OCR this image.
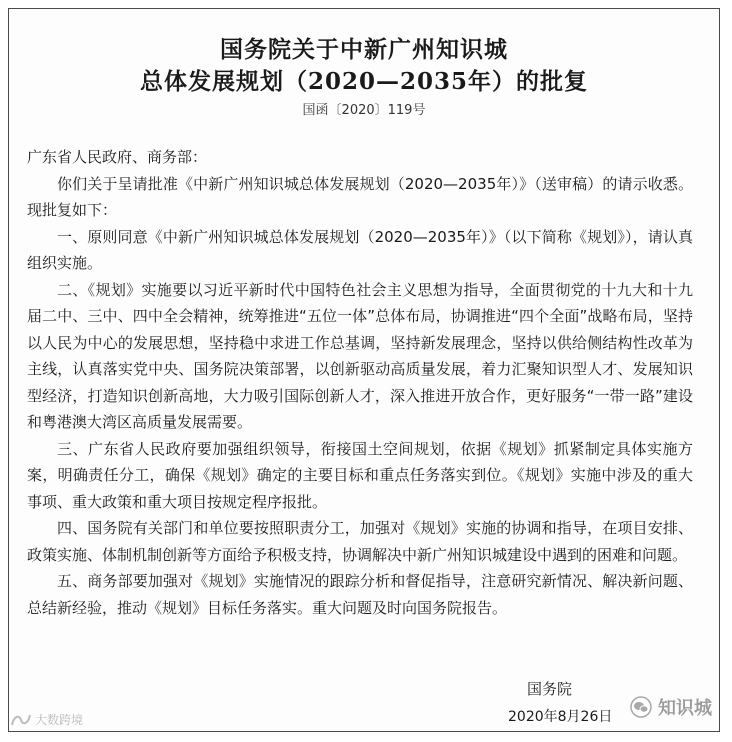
国务院关于中新广州知识城
总体发展规划（2020—2035年）的批复
国函〔2020〕119号

广东省人民政府、商务部：

你们关于呈请批准《中新广州知识城总体发展规划（2020—2035年）》（送审稿）的请示收悉。现批复如下：

一、原则同意《中新广州知识城总体发展规划（2020—2035年）》（以下简称《规划》），请认真组织实施。

二、《规划》实施要以习近平新时代中国特色社会主义思想为指导，全面贯彻党的十九大和十九届二中、三中、四中全会精神，统筹推进“五位一体”总体布局，协调推进“四个全面”战略布局，坚持以人民为中心的发展思想，坚持稳中求进工作总基调，坚持新发展理念，坚持以供给侧结构性改革为主线，认真落实党中央、国务院决策部署，以创新驱动高质量发展，着力汇聚知识型人才、发展知识型经济，打造知识创新高地，大力吸引国际创新人才，深入推进开放合作，更好服务“一带一路”建设和粤港澳大湾区高质量发展需要。

三、广东省人民政府要加强组织领导，衔接国土空间规划，依据《规划》抓紧制定具体实施方案，明确责任分工，确保《规划》确定的主要目标和重点任务落实到位。《规划》实施中涉及的重大事项、重大政策和重大项目按规定程序报批。

四、国务院有关部门和单位要按照职责分工，加强对《规划》实施的协调和指导，在项目安排、政策实施、体制机制创新等方面给予积极支持，协调解决中新广州知识城建设中遇到的困难和问题。

五、商务部要加强对《规划》实施情况的跟踪分析和督促指导，注意研究新情况、解决新问题、总结新经验，推动《规划》目标任务落实。重大问题及时向国务院报告。

国务院
2020年8月26日
大数跨境
知识城
